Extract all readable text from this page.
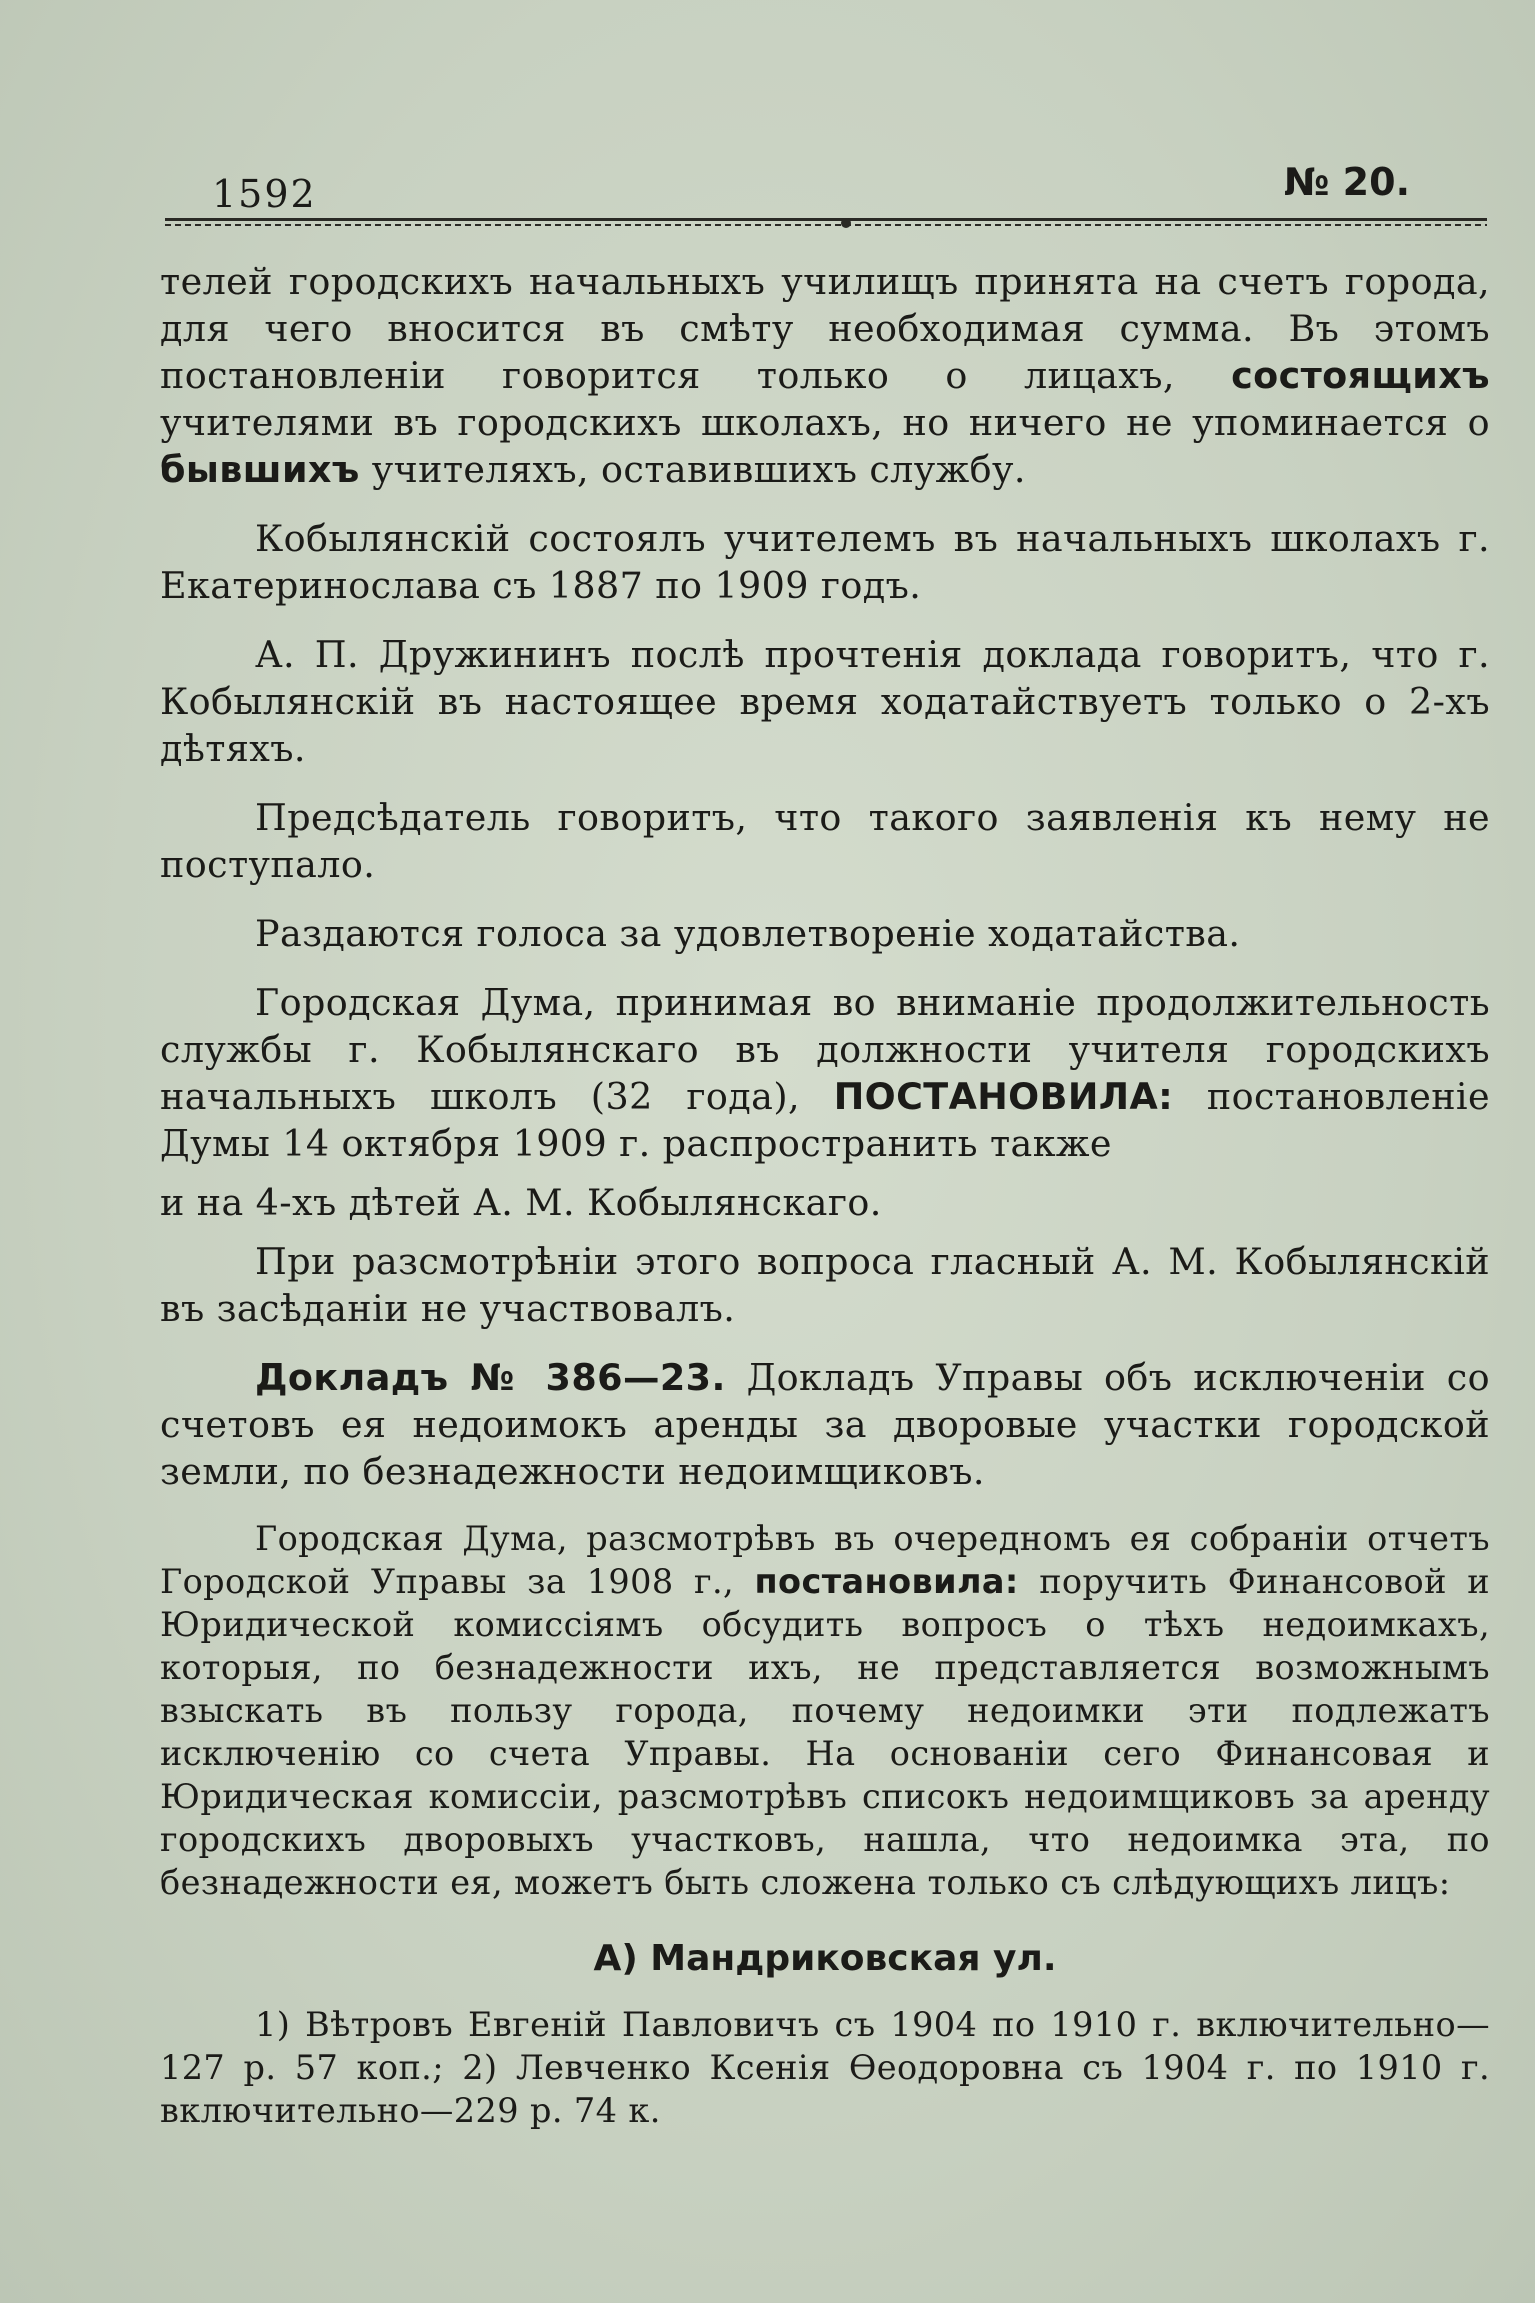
1592	№ 20.

телей городскихъ начальныхъ училищъ принята на счетъ города, для чего вносится въ смѣту необходимая сумма. Въ этомъ постановленiи говорится только о лицахъ, состоящихъ учителями въ городскихъ школахъ, но ничего не упоминается о бывшихъ учителяхъ, оставившихъ службу.

Кобылянскiй состоялъ учителемъ въ начальныхъ школахъ г. Екатеринослава съ 1887 по 1909 годъ.

А. П. Дружининъ послѣ прочтенiя доклада говоритъ, что г. Кобылянскiй въ настоящее время ходатайствуетъ только о 2-хъ дѣтяхъ.

Предсѣдатель говоритъ, что такого заявленiя къ нему не поступало.

Раздаются голоса за удовлетворенiе ходатайства.

Городская Дума, принимая во вниманiе продолжительность службы г. Кобылянскаго въ должности учителя городскихъ начальныхъ школъ (32 года), ПОСТАНОВИЛА: постановленiе Думы 14 октября 1909 г. распространить также

и на 4-хъ дѣтей А. М. Кобылянскаго.

При разсмотрѣнiи этого вопроса гласный А. М. Кобылянскiй въ засѣданiи не участвовалъ.

Докладъ № 386—23. Докладъ Управы объ исключенiи со счетовъ ея недоимокъ аренды за дворовые участки городской земли, по безнадежности недоимщиковъ.

Городская Дума, разсмотрѣвъ въ очередномъ ея собранiи отчетъ Городской Управы за 1908 г., постановила: поручить Финансовой и Юридической комиссiямъ обсудить вопросъ о тѣхъ недоимкахъ, которыя, по безнадежности ихъ, не представляется возможнымъ взыскать въ пользу города, почему недоимки эти подлежатъ исключенiю со счета Управы. На основанiи сего Финансовая и Юридическая комиссiи, разсмотрѣвъ списокъ недоимщиковъ за аренду городскихъ дворовыхъ участковъ, нашла, что недоимка эта, по безнадежности ея, можетъ быть сложена только съ слѣдующихъ лицъ:

А) Мандриковская ул.

1) Вѣтровъ Евгенiй Павловичъ съ 1904 по 1910 г. включительно—127 р. 57 коп.; 2) Левченко Ксенiя Өеодоровна съ 1904 г. по 1910 г. включительно—229 р. 74 к.
